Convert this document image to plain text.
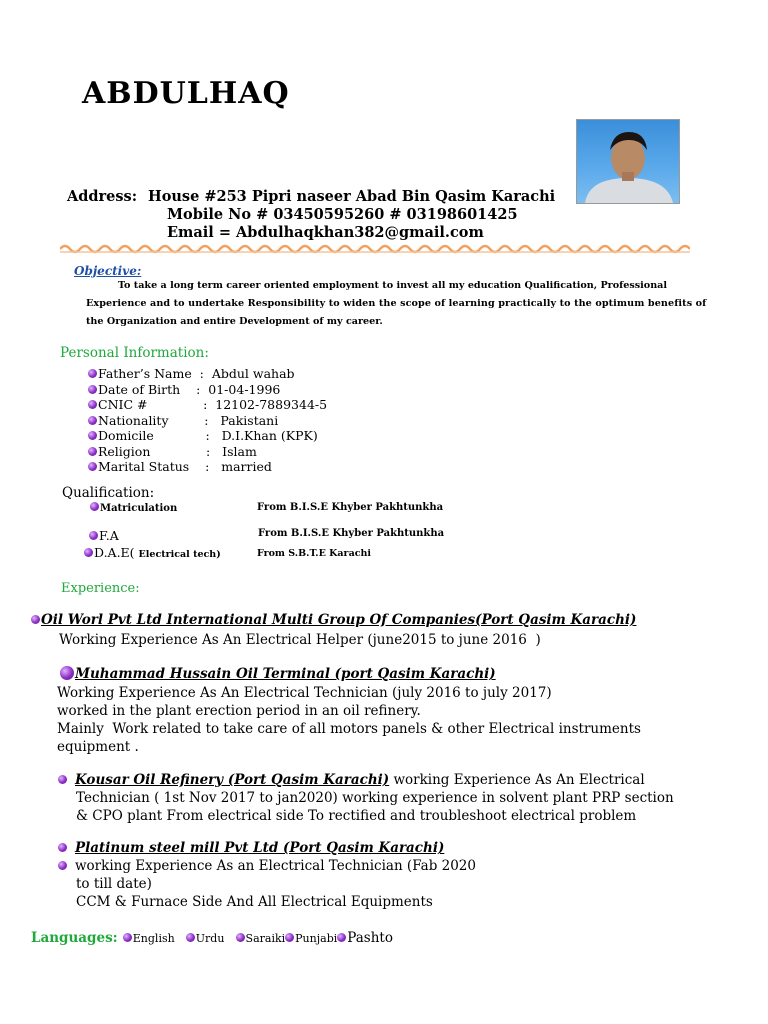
ABDULHAQ
Address: House #253 Pipri naseer Abad Bin Qasim Karachi
Mobile No # 03450595260 # 03198601425
Email = Abdulhaqkhan382@gmail.com
Objective:
To take a long term career oriented employment to invest all my education Qualification, Professional
Experience and to undertake Responsibility to widen the scope of learning practically to the optimum benefits of
the Organization and entire Development of my career.
Personal Information:
Father’s Name  :  Abdul wahab
Date of Birth    :  01-04-1996
CNIC #              :  12102-7889344-5
Nationality         :   Pakistani
Domicile             :   D.I.Khan (KPK)
Religion              :   Islam
Marital Status    :   married
Qualification:
Matriculation	From B.I.S.E Khyber Pakhtunkha
F.A	From B.I.S.E Khyber Pakhtunkha
D.A.E( Electrical tech)	From S.B.T.E Karachi
Experience:
Oil Worl Pvt Ltd International Multi Group Of Companies(Port Qasim Karachi)
Working Experience As An Electrical Helper (june2015 to june 2016  )
Muhammad Hussain Oil Terminal (port Qasim Karachi)
Working Experience As An Electrical Technician (july 2016 to july 2017)
worked in the plant erection period in an oil refinery.
Mainly  Work related to take care of all motors panels & other Electrical instruments
equipment .
Kousar Oil Refinery (Port Qasim Karachi) working Experience As An Electrical
Technician ( 1st Nov 2017 to jan2020) working experience in solvent plant PRP section
& CPO plant From electrical side To rectified and troubleshoot electrical problem
Platinum steel mill Pvt Ltd (Port Qasim Karachi)
working Experience As an Electrical Technician (Fab 2020
to till date)
CCM & Furnace Side And All Electrical Equipments
Languages: English Urdu Saraiki Punjabi Pashto
